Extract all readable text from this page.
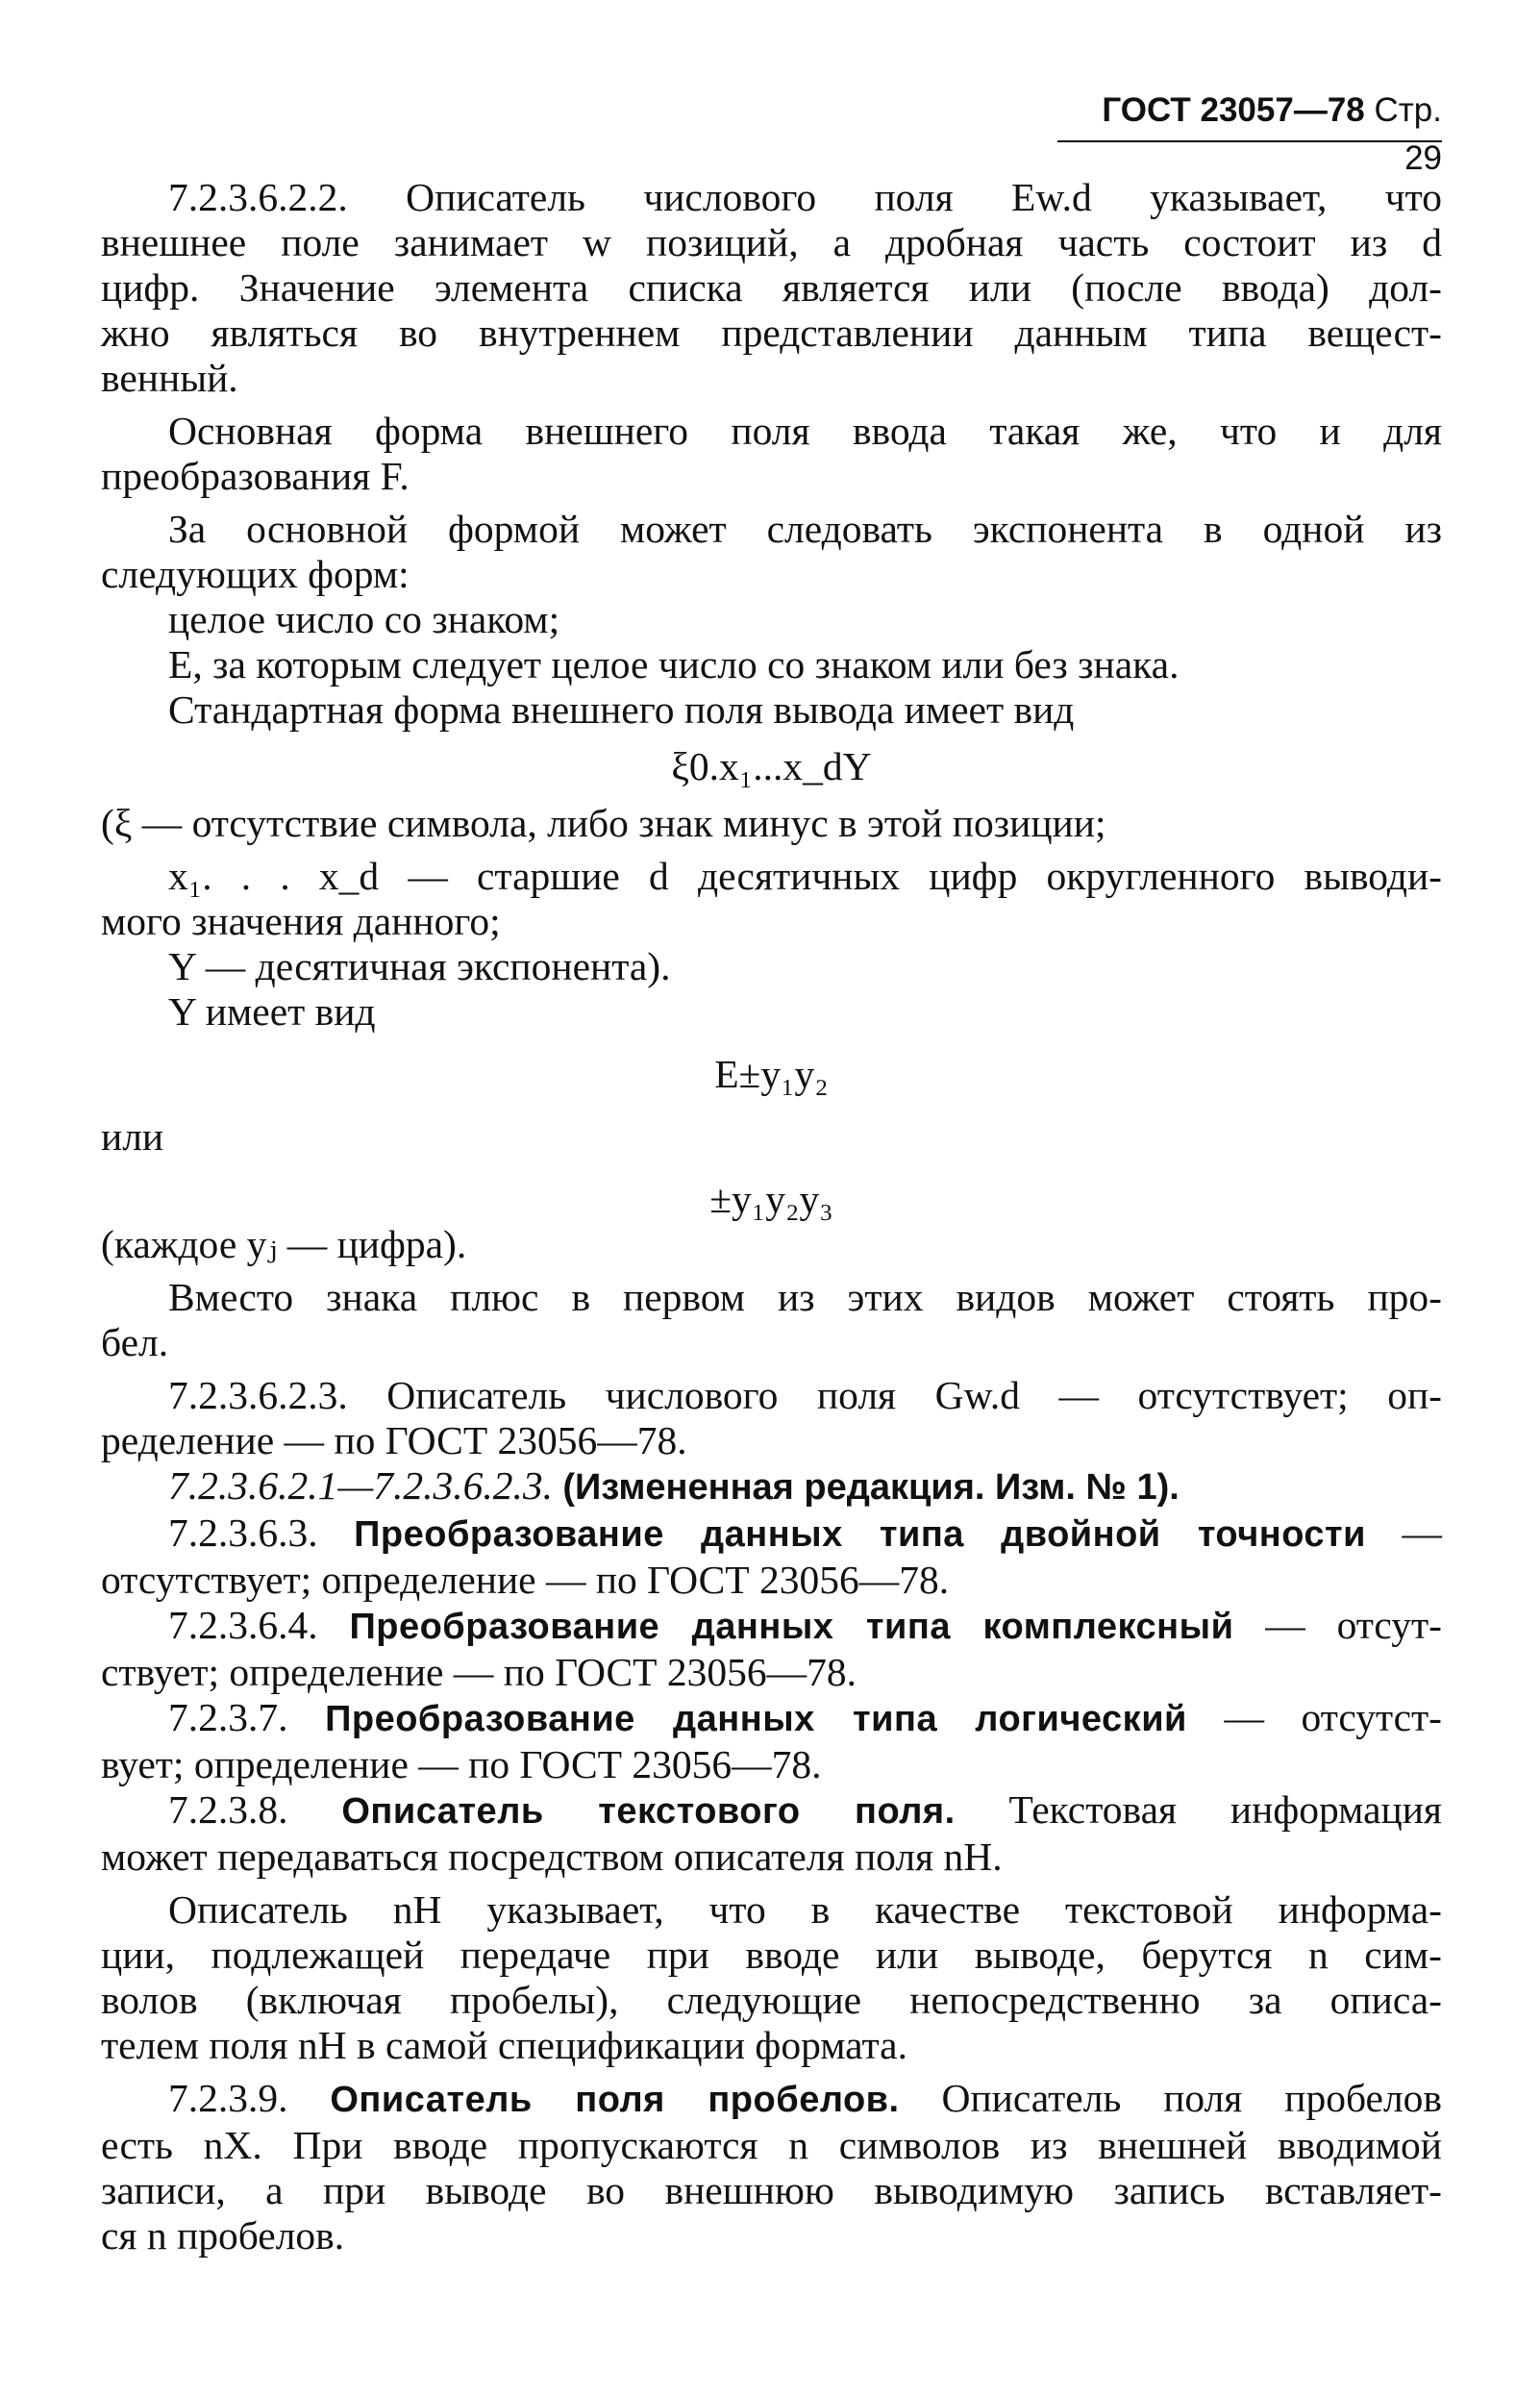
ГОСТ 23057—78 Стр. 29

7.2.3.6.2.2. Описатель числового поля Ew.d указывает, что

внешнее поле занимает w позиций, а дробная часть состоит из d

цифр. Значение элемента списка является или (после ввода) дол-

жно являться во внутреннем представлении данным типа вещест-

венный.

Основная форма внешнего поля ввода такая же, что и для

преобразования F.

За основной формой может следовать экспонента в одной из

следующих форм:

целое число со знаком;

Е, за которым следует целое число со знаком или без знака.

Стандартная форма внешнего поля вывода имеет вид

ξ0.x₁...x_dY

(ξ — отсутствие символа, либо знак минус в этой позиции;

x₁. . . x_d — старшие d десятичных цифр округленного выводи-

мого значения данного;

Y — десятичная экспонента).

Y имеет вид

E±y₁y₂

или

±y₁y₂y₃

(каждое yⱼ — цифра).

Вместо знака плюс в первом из этих видов может стоять про-

бел.

7.2.3.6.2.3. Описатель числового поля Gw.d — отсутствует; оп-

ределение — по ГОСТ 23056—78.

7.2.3.6.2.1—7.2.3.6.2.3. (Измененная редакция. Изм. № 1).

7.2.3.6.3. Преобразование данных типа двойной точности —

отсутствует; определение — по ГОСТ 23056—78.

7.2.3.6.4. Преобразование данных типа комплексный — отсут-

ствует; определение — по ГОСТ 23056—78.

7.2.3.7. Преобразование данных типа логический — отсутст-

вует; определение — по ГОСТ 23056—78.

7.2.3.8. Описатель текстового поля. Текстовая информация

может передаваться посредством описателя поля nH.

Описатель nH указывает, что в качестве текстовой информа-

ции, подлежащей передаче при вводе или выводе, берутся n сим-

волов (включая пробелы), следующие непосредственно за описа-

телем поля nH в самой спецификации формата.

7.2.3.9. Описатель поля пробелов. Описатель поля пробелов

есть nX. При вводе пропускаются n символов из внешней вводимой

записи, а при выводе во внешнюю выводимую запись вставляет-

ся n пробелов.
